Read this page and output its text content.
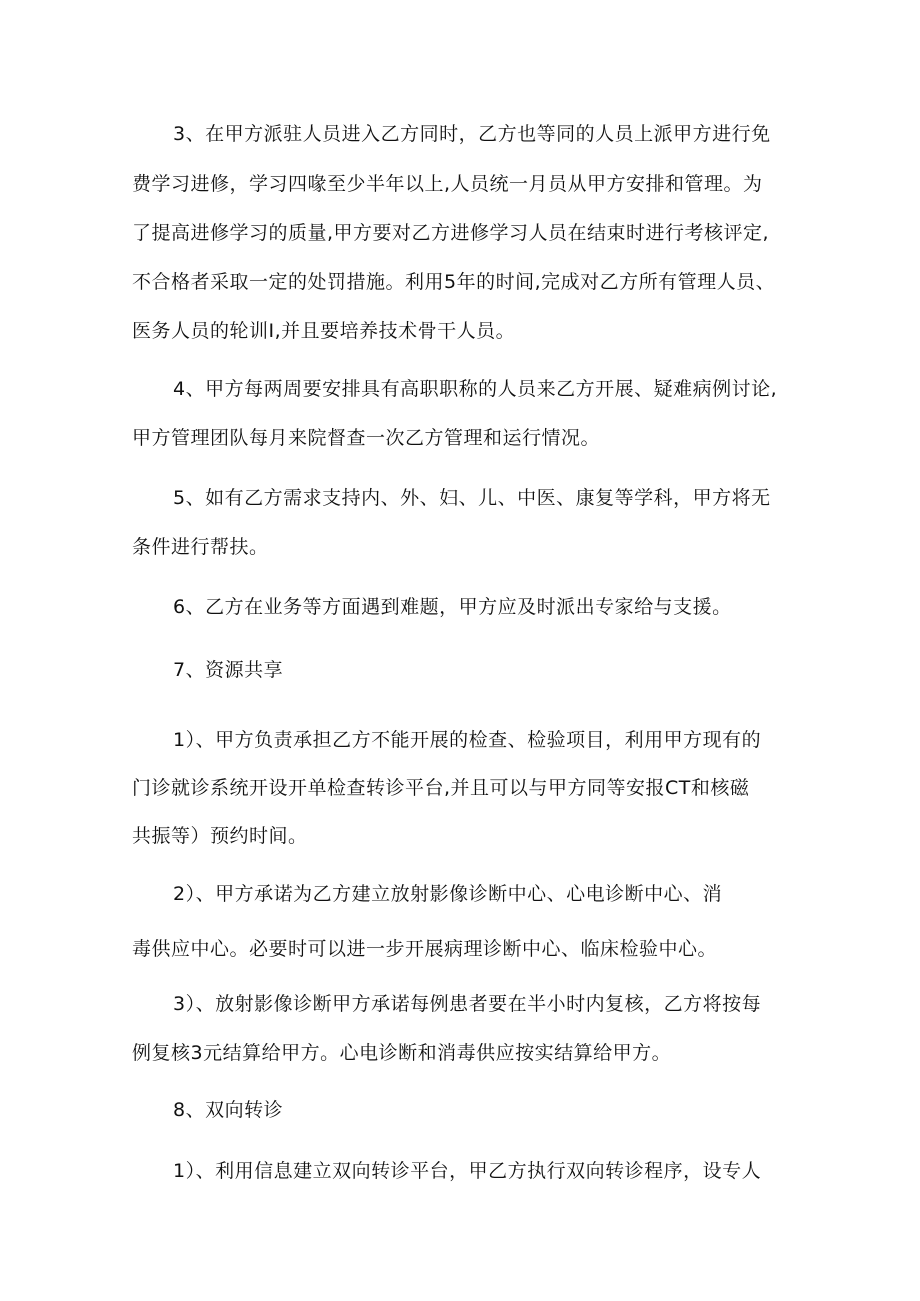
3、在甲方派驻人员进入乙方同时，乙方也等同的人员上派甲方进行免
费学习进修，学习四喙至少半年以上,人员统一月员从甲方安排和管理。为
了提高进修学习的质量,甲方要对乙方进修学习人员在结束时进行考核评定,
不合格者采取一定的处罚措施。利用5年的时间,完成对乙方所有管理人员、
医务人员的轮训I,并且要培养技术骨干人员。
4、甲方每两周要安排具有高职职称的人员来乙方开展、疑难病例讨论,
甲方管理团队每月来院督查一次乙方管理和运行情况。
5、如有乙方需求支持内、外、妇、儿、中医、康复等学科，甲方将无
条件进行帮扶。
6、乙方在业务等方面遇到难题，甲方应及时派出专家给与支援。
7、资源共享
1）、甲方负责承担乙方不能开展的检查、检验项目，利用甲方现有的
门诊就诊系统开设开单检查转诊平台,并且可以与甲方同等安报CT和核磁
共振等）预约时间。
2）、甲方承诺为乙方建立放射影像诊断中心、心电诊断中心、消
毒供应中心。必要时可以进一步开展病理诊断中心、临床检验中心。
3）、放射影像诊断甲方承诺每例患者要在半小时内复核，乙方将按每
例复核3元结算给甲方。心电诊断和消毒供应按实结算给甲方。
8、双向转诊
1）、利用信息建立双向转诊平台，甲乙方执行双向转诊程序，设专人
